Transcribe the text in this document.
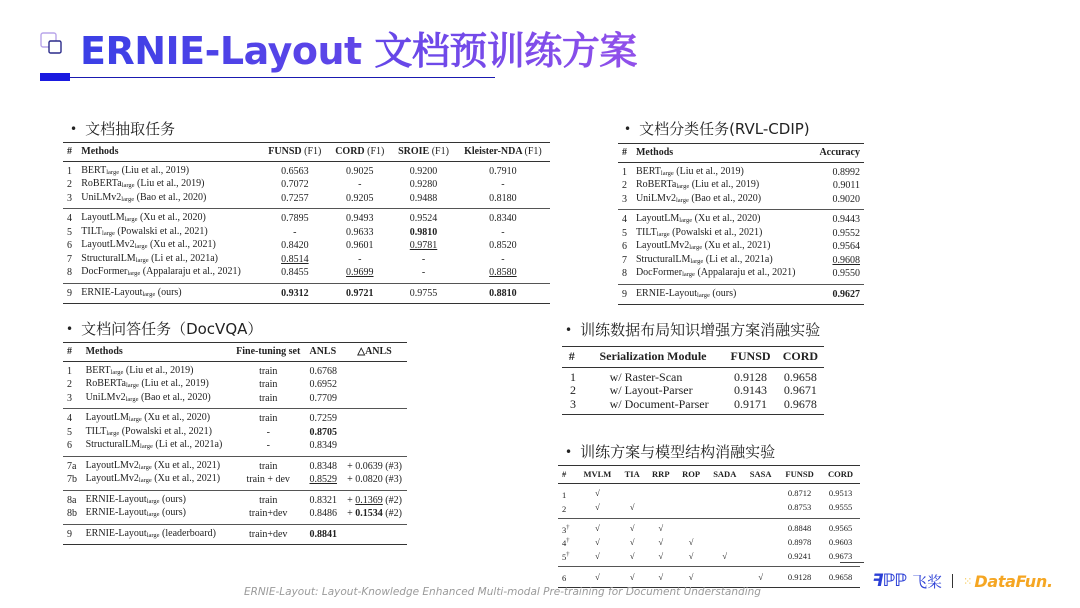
ERNIE-Layout 文档预训练方案
• 文档抽取任务
#	Methods	FUNSD (F1)	CORD (F1)	SROIE (F1)	Kleister-NDA (F1)
1	$BERT_{large}$ (Liu et al., 2019)	0.6563	0.9025	0.9200	0.7910
2	RoBERTa$_{large}$ (Liu et al., 2019)	0.7072	-	0.9280	-
3	$UniLMv2_{large}$ (Bao et al., 2020)	0.7257	0.9205	0.9488	0.8180
4	LayoutLM$_{large}$ (Xu et al., 2020)	0.7895	0.9493	0.9524	0.8340
5	$TILT_{large}$ (Powalski et al., 2021)	-	0.9633	0.9810	-
6	$LayoutLMv2_{large}$ (Xu et al., 2021)	0.8420	0.9601	0.9781	0.8520
7	StructuralLM$_{large}$ (Li et al., 2021a)	0.8514	-	-	-
8	DocFormer$_{large}$ (Appalaraju et al., 2021)	0.8455	0.9699	-	0.8580
9	ERNIE-Layout$_{large}$ (ours)	0.9312	0.9721	0.9755	0.8810
• 文档分类任务(RVL-CDIP)
#	Methods	Accuracy
1	$BERT_{large}$ (Liu et al., 2019)	0.8992
2	RoBERTa$_{large}$ (Liu et al., 2019)	0.9011
3	$UniLMv2_{large}$ (Bao et al., 2020)	0.9020
4	LayoutLM$_{large}$ (Xu et al., 2020)	0.9443
5	$TILT_{large}$ (Powalski et al., 2021)	0.9552
6	$LayoutLMv2_{large}$ (Xu et al., 2021)	0.9564
7	StructuralLM$_{large}$ (Li et al., 2021a)	0.9608
8	DocFormer$_{large}$ (Appalaraju et al., 2021)	0.9550
9	ERNIE-Layout$_{large}$ (ours)	0.9627
• 文档问答任务（DocVQA）
#	Methods	Fine-tuning set	ANLS	△ANLS
1	$BERT_{large}$ (Liu et al., 2019)	train	0.6768	
2	RoBERTa$_{large}$ (Liu et al., 2019)	train	0.6952	
3	$UniLMv2_{large}$ (Bao et al., 2020)	train	0.7709	
4	LayoutLM$_{large}$ (Xu et al., 2020)	train	0.7259	
5	$TILT_{large}$ (Powalski et al., 2021)	-	0.8705	
6	StructuralLM$_{large}$ (Li et al., 2021a)	-	0.8349	
7a	$LayoutLMv2_{large}$ (Xu et al., 2021)	train	0.8348	+ 0.0639 (#3)
7b	$LayoutLMv2_{large}$ (Xu et al., 2021)	train + dev	0.8529	+ 0.0820 (#3)
8a	ERNIE-Layout$_{large}$ (ours)	train	0.8321	+ 0.1369 (#2)
8b	ERNIE-Layout$_{large}$ (ours)	train+dev	0.8486	+ 0.1534 (#2)
9	ERNIE-Layout$_{large}$ (leaderboard)	train+dev	0.8841	
• 训练数据布局知识增强方案消融实验
#	Serialization Module	FUNSD	CORD
1	w/ Raster-Scan	0.9128	0.9658
2	w/ Layout-Parser	0.9143	0.9671
3	w/ Document-Parser	0.9171	0.9678
• 训练方案与模型结构消融实验
#	MVLM	TIA	RRP	ROP	SADA	SASA	FUNSD	CORD
1	√						0.8712	0.9513
2	√	√					0.8753	0.9555
3†	√	√	√				0.8848	0.9565
4†	√	√	√	√			0.8978	0.9603
5†	√	√	√	√	√		0.9241	0.9673
6	√	√	√	√		√	0.9128	0.9658
ERNIE-Layout: Layout-Knowledge Enhanced Multi-modal Pre-training for Document Understanding
ꟻℙℙ 飞桨 ⁙ DataFun.
